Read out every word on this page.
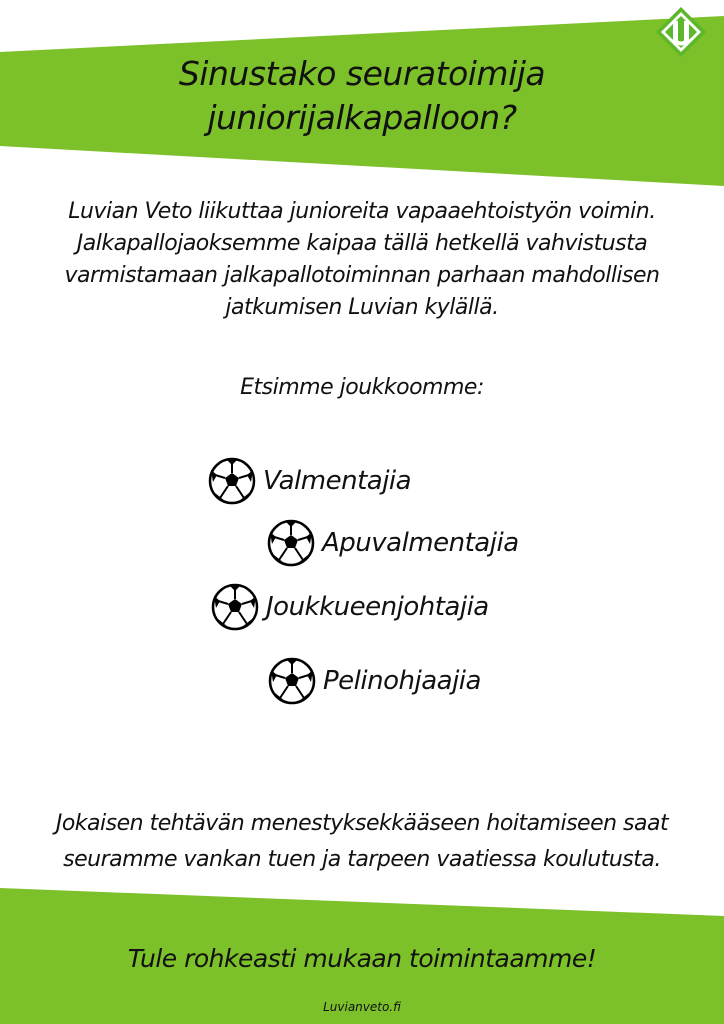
Sinustako seuratoimija
juniorijalkapalloon?
Luvian Veto liikuttaa junioreita vapaaehtoistyön voimin.
Jalkapallojaoksemme kaipaa tällä hetkellä vahvistusta
varmistamaan jalkapallotoiminnan parhaan mahdollisen
jatkumisen Luvian kylällä.
Etsimme joukkoomme:
Valmentajia
Apuvalmentajia
Joukkueenjohtajia
Pelinohjaajia
Jokaisen tehtävän menestyksekkääseen hoitamiseen saat
seuramme vankan tuen ja tarpeen vaatiessa koulutusta.
Tule rohkeasti mukaan toimintaamme!
Luvianveto.fi
